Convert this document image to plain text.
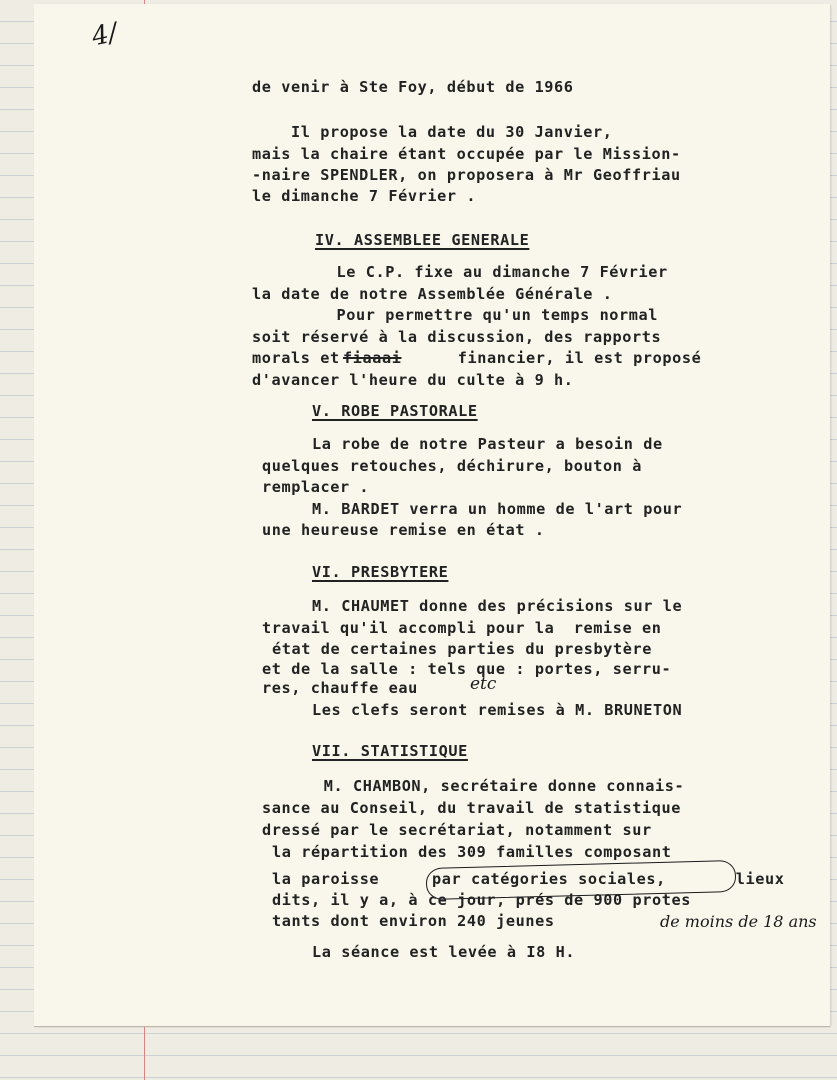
4/
de venir à Ste Foy, début de 1966
Il propose la date du 30 Janvier,
mais la chaire étant occupée par le Mission-
-naire SPENDLER, on proposera à Mr Geoffriau
le dimanche 7 Février .
IV. ASSEMBLEE GENERALE
Le C.P. fixe au dimanche 7 Février
la date de notre Assemblée Générale .
Pour permettre qu'un temps normal
soit réservé à la discussion, des rapports
morals et fiaaai	financier, il est proposé
d'avancer l'heure du culte à 9 h.
V. ROBE PASTORALE
La robe de notre Pasteur a besoin de
quelques retouches, déchirure, bouton à
remplacer .
M. BARDET verra un homme de l'art pour
une heureuse remise en état .
VI. PRESBYTERE
M. CHAUMET donne des précisions sur le
travail qu'il accompli pour la  remise en
état de certaines parties du presbytère
et de la salle : tels que : portes, serru-
res, chauffe eau	etc
Les clefs seront remises à M. BRUNETON
VII. STATISTIQUE
M. CHAMBON, secrétaire donne connais-
sance au Conseil, du travail de statistique
dressé par le secrétariat, notamment sur
la répartition des 309 familles composant
la paroisse	par catégories sociales,	lieux
dits, il y a, à ce jour, prés de 900 protes
tants dont environ 240 jeunes	de moins de 18 ans
La séance est levée à I8 H.
